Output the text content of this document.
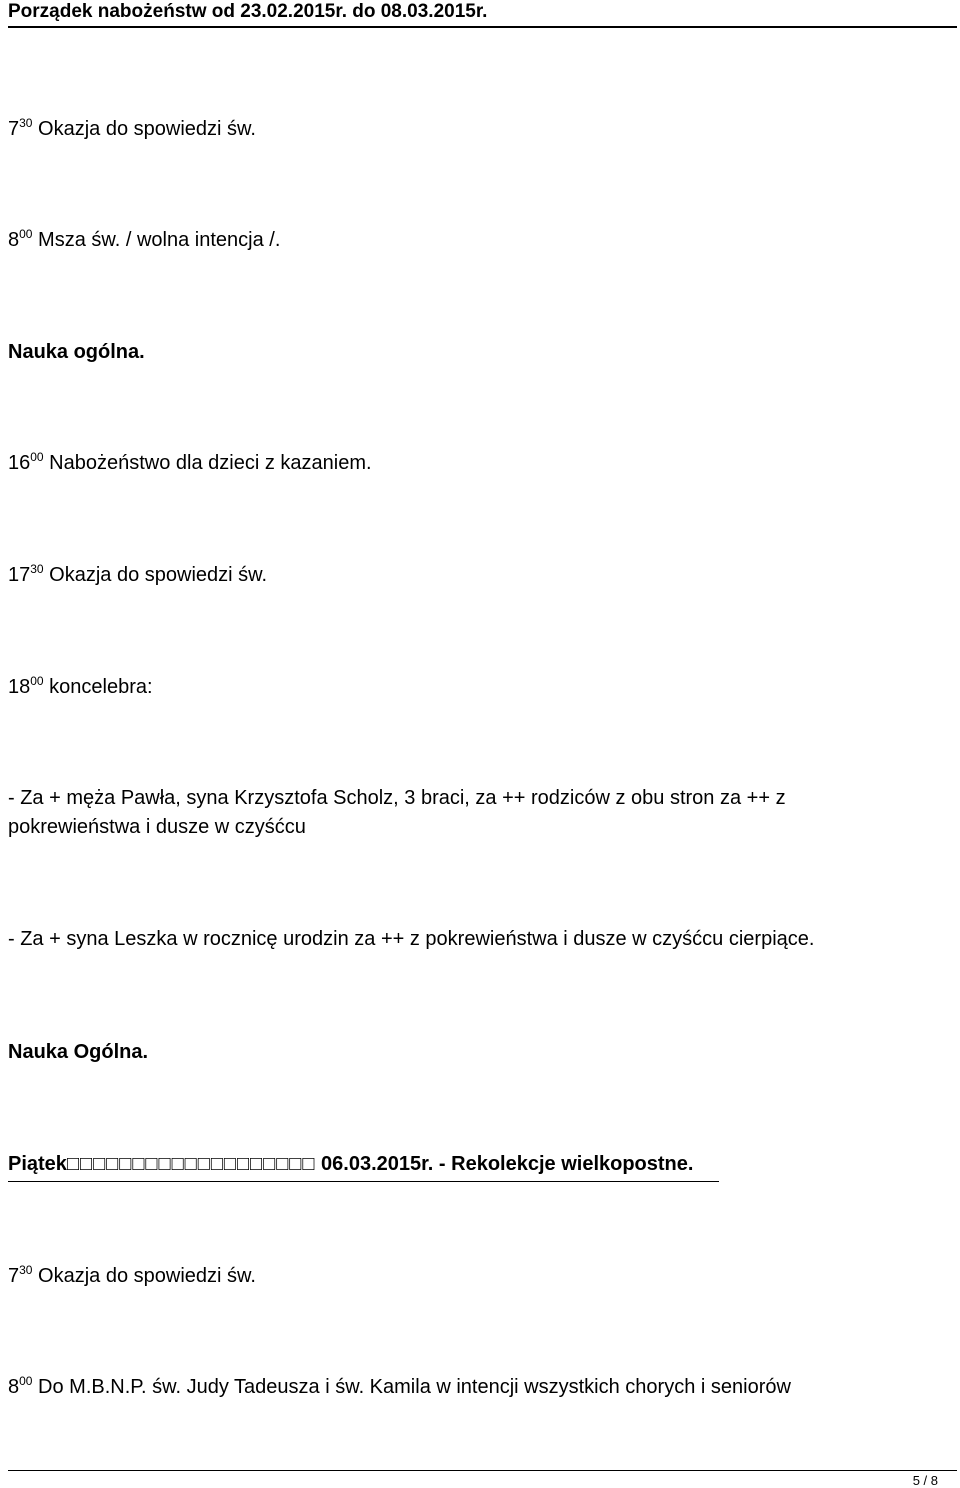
Porządek nabożeństw od 23.02.2015r. do 08.03.2015r.
$7^{30}$ Okazja do spowiedzi św.
$8^{00}$ Msza św. / wolna intencja /.
Nauka ogólna.
$16^{00}$ Nabożeństwo dla dzieci z kazaniem.
$17^{30}$ Okazja do spowiedzi św.
$18^{00}$ koncelebra:
- Za + męża Pawła, syna Krzysztofa Scholz, 3 braci, za ++ rodziców z obu stron za ++ z pokrewieństwa i dusze w czyśćcu
- Za + syna Leszka w rocznicę urodzin za ++ z pokrewieństwa i dusze w czyśćcu cierpiące.
Nauka Ogólna.
Piątek□□□□□□□□□□□□□□□□□□□ 06.03.2015r. - Rekolekcje wielkopostne.
$7^{30}$ Okazja do spowiedzi św.
$8^{00}$ Do M.B.N.P. św. Judy Tadeusza i św. Kamila w intencji wszystkich chorych i seniorów
5 / 8
